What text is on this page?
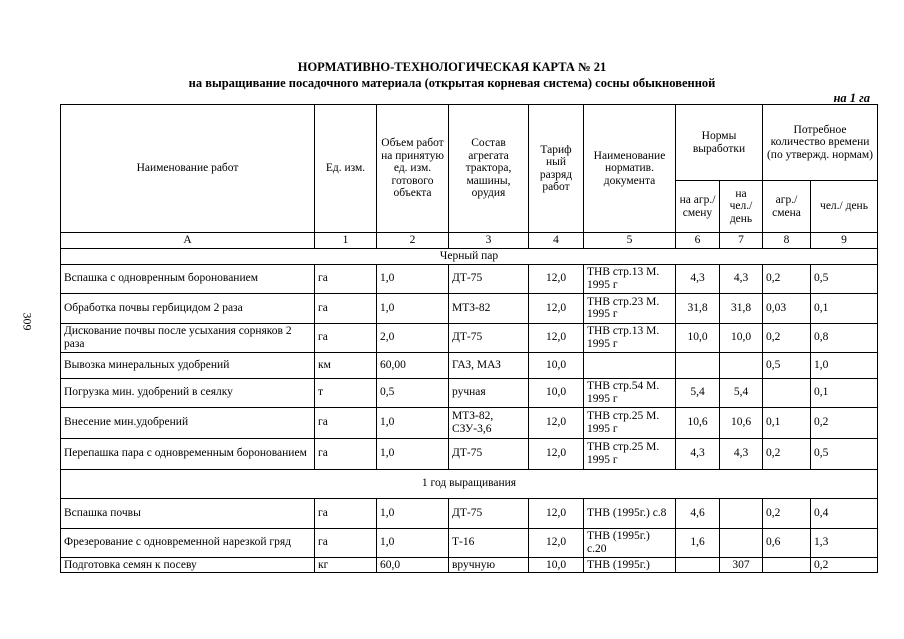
309
НОРМАТИВНО-ТЕХНОЛОГИЧЕСКАЯ КАРТА № 21
на выращивание посадочного материала (открытая корневая система) сосны обыкновенной
на 1 га
Наименование работ	Ед. изм.	Объем работ на принятую ед. изм. готового объекта	Состав агрегата трактора, машины, орудия	Тариф ный разряд работ	Наименование норматив. документа	Нормы выработки		Потребное количество времени (по утвержд. нормам)	
						на агр./ смену	на чел./ день	агр./ смена	чел./ день
А	1	2	3	4	5	6	7	8	9
Черный пар									
Вспашка с одновренным боронованием	га	1,0	ДТ-75	12,0	ТНВ стр.13 М. 1995 г	4,3	4,3	0,2	0,5
Обработка почвы гербицидом 2 раза	га	1,0	МТЗ-82	12,0	ТНВ стр.23 М. 1995 г	31,8	31,8	0,03	0,1
Дискование почвы после усыхания сорняков 2 раза	га	2,0	ДТ-75	12,0	ТНВ стр.13 М. 1995 г	10,0	10,0	0,2	0,8
Вывозка минеральных удобрений	км	60,00	ГАЗ, МАЗ	10,0				0,5	1,0
Погрузка мин. удобрений в сеялку	т	0,5	ручная	10,0	ТНВ стр.54 М. 1995 г	5,4	5,4		0,1
Внесение мин.удобрений	га	1,0	МТЗ-82, СЗУ-3,6	12,0	ТНВ стр.25 М. 1995 г	10,6	10,6	0,1	0,2
Перепашка пара с одновременным боронованием	га	1,0	ДТ-75	12,0	ТНВ стр.25 М. 1995 г	4,3	4,3	0,2	0,5
1 год выращивания									
Вспашка почвы	га	1,0	ДТ-75	12,0	ТНВ (1995г.) с.8	4,6		0,2	0,4
Фрезерование с одновременной нарезкой гряд	га	1,0	Т-16	12,0	ТНВ (1995г.) с.20	1,6		0,6	1,3
Подготовка семян к посеву	кг	60,0	вручную	10,0	ТНВ (1995г.)		307		0,2
